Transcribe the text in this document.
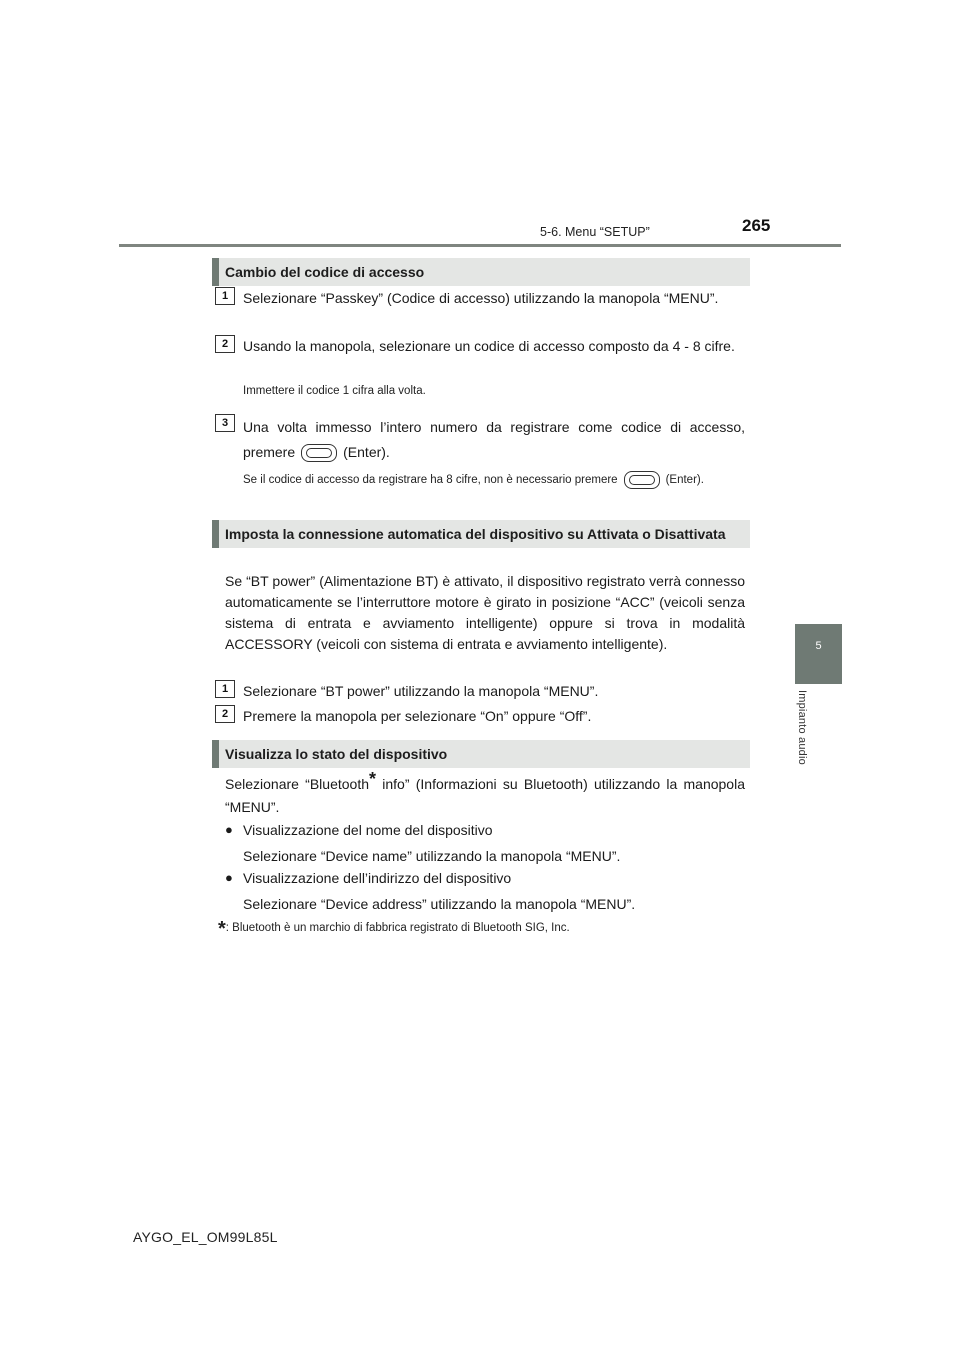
5-6. Menu “SETUP”	265
5
Impianto audio
Cambio del codice di accesso
1	Selezionare “Passkey” (Codice di accesso) utilizzando la manopola “MENU”.
2	Usando la manopola, selezionare un codice di accesso composto da 4 - 8 cifre.
Immettere il codice 1 cifra alla volta.
3	Una volta immesso l’intero numero da registrare come codice di accesso, premere	(Enter).
Se il codice di accesso da registrare ha 8 cifre, non è necessario premere	(Enter).
Imposta la connessione automatica del dispositivo su Attivata o Disattivata
Se “BT power” (Alimentazione BT) è attivato, il dispositivo registrato verrà connesso automaticamente se l’interruttore motore è girato in posizione “ACC” (veicoli senza sistema di entrata e avviamento intelligente) oppure si trova in modalità ACCESSORY (veicoli con sistema di entrata e avviamento intelligente).
1	Selezionare “BT power” utilizzando la manopola “MENU”.
2	Premere la manopola per selezionare “On” oppure “Off”.
Visualizza lo stato del dispositivo
Selezionare “Bluetooth* info” (Informazioni su Bluetooth) utilizzando la manopola “MENU”.
● Visualizzazione del nome del dispositivo
Selezionare “Device name” utilizzando la manopola “MENU”.
● Visualizzazione dell’indirizzo del dispositivo
Selezionare “Device address” utilizzando la manopola “MENU”.
*: Bluetooth è un marchio di fabbrica registrato di Bluetooth SIG, Inc.
AYGO_EL_OM99L85L
